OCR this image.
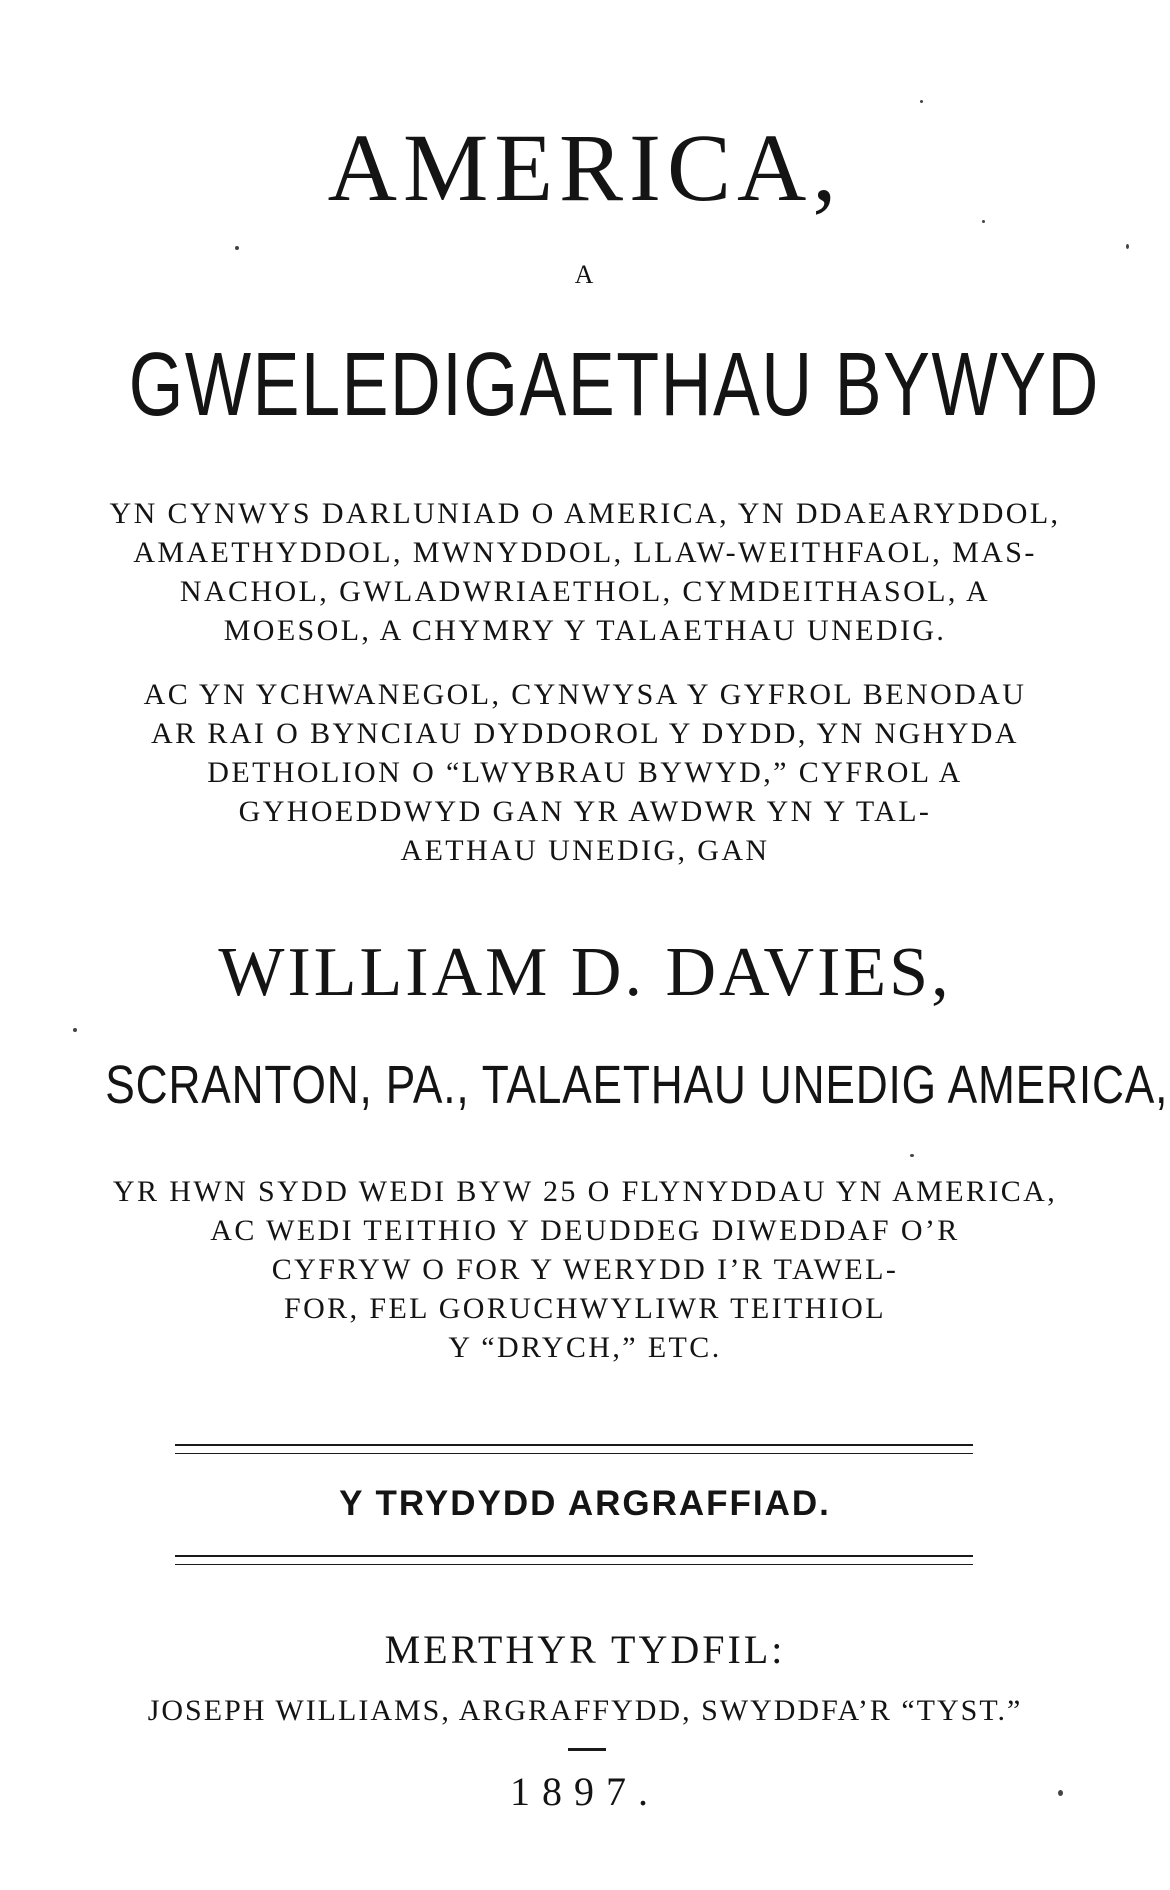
AMERICA,
A
GWELEDIGAETHAU BYWYD
YN CYNWYS DARLUNIAD O AMERICA, YN DDAEARYDDOL,
AMAETHYDDOL, MWNYDDOL, LLAW-WEITHFAOL, MAS-
NACHOL, GWLADWRIAETHOL, CYMDEITHASOL, A
MOESOL, A CHYMRY Y TALAETHAU UNEDIG.
AC YN YCHWANEGOL, CYNWYSA Y GYFROL BENODAU
AR RAI O BYNCIAU DYDDOROL Y DYDD, YN NGHYDA
DETHOLION O “LWYBRAU BYWYD,” CYFROL A
GYHOEDDWYD GAN YR AWDWR YN Y TAL-
AETHAU UNEDIG, GAN
WILLIAM D. DAVIES,
SCRANTON, PA., TALAETHAU UNEDIG AMERICA,
YR HWN SYDD WEDI BYW 25 O FLYNYDDAU YN AMERICA,
AC WEDI TEITHIO Y DEUDDEG DIWEDDAF O’R
CYFRYW O FOR Y WERYDD I’R TAWEL-
FOR, FEL GORUCHWYLIWR TEITHIOL
Y “DRYCH,” ETC.
Y TRYDYDD ARGRAFFIAD.
MERTHYR TYDFIL:
JOSEPH WILLIAMS, ARGRAFFYDD, SWYDDFA’R “TYST.”
1897.
